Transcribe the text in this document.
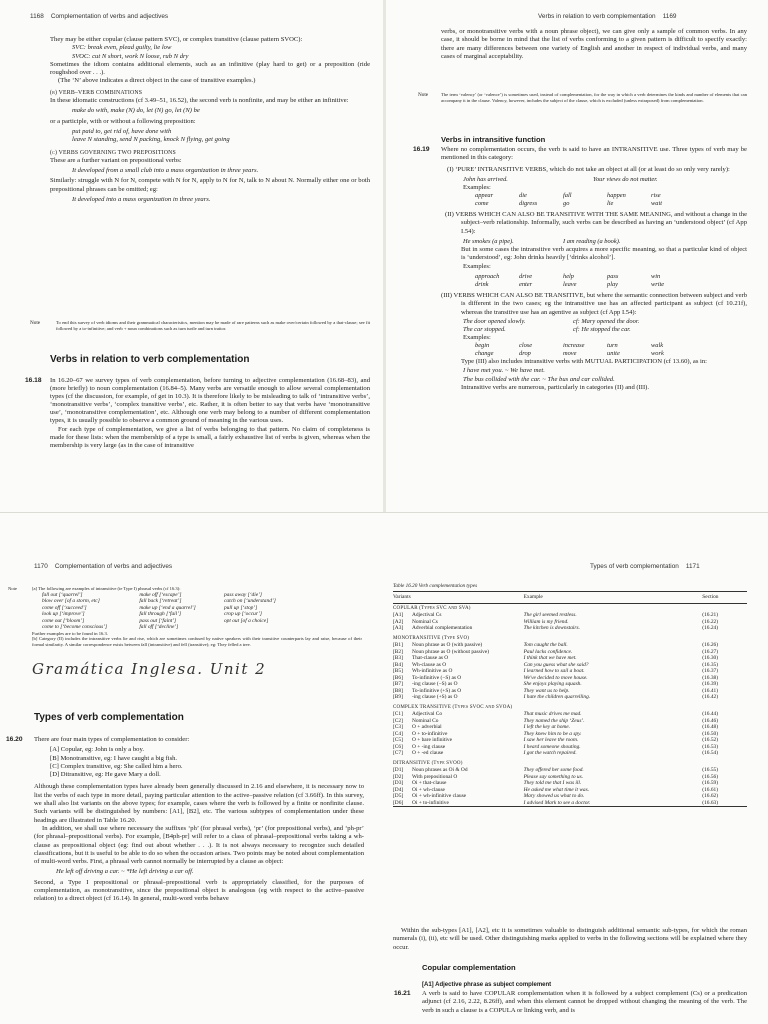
1168 Complementation of verbs and adjectives

They may be either copular (clause pattern SVC), or complex transitive (clause pattern SVOC):

SVC: break even, plead guilty, lie low

SVOC: cut N short, work N loose, rub N dry

Sometimes the idiom contains additional elements, such as an infinitive (play hard to get) or a preposition (ride roughshod over . . .).

(The ‘N’ above indicates a direct object in the case of transitive examples.)

(b) VERB–VERB COMBINATIONS

In these idiomatic constructions (cf 3.49–51, 16.52), the second verb is nonfinite, and may be either an infinitive:

make do with, make (N) do, let (N) go, let (N) be

or a participle, with or without a following preposition:

put paid to, get rid of, have done with

leave N standing, send N packing, knock N flying, get going

(c) VERBS GOVERNING TWO PREPOSITIONS

These are a further variant on prepositional verbs:

It developed from a small club into a mass organization in three years.

Similarly: struggle with N for N, compete with N for N, apply to N for N, talk to N about N. Normally either one or both prepositional phrases can be omitted; eg:

It developed into a mass organization in three years.

Note	To end this survey of verb idioms and their grammatical characteristics, mention may be made of rare patterns such as make over/certain followed by a that-clause; see fit followed by a to-infinitive; and verb + noun combinations such as turn turtle and turn traitor.
Verbs in relation to verb complementation
16.18 In 16.20–67 we survey types of verb complementation, before turning to adjective complementation (16.68–83), and (more briefly) to noun complementation (16.84–5). Many verbs are versatile enough to allow several complementation types (cf the discussion, for example, of get in 10.3). It is therefore likely to be misleading to talk of ‘intransitive verbs’, ‘monotransitive verbs’, ‘complex transitive verbs’, etc. Rather, it is often better to say that verbs have ‘monotransitive use’, ‘monotransitive complementation’, etc. Although one verb may belong to a number of different complementation types, it is usually possible to observe a common ground of meaning in the various uses.

For each type of complementation, we give a list of verbs belonging to that pattern. No claim of completeness is made for these lists: when the membership of a type is small, a fairly exhaustive list of verbs is given, whereas when the membership is very large (as in the case of intransitive

Verbs in relation to verb complementation 1169

verbs, or monotransitive verbs with a noun phrase object), we can give only a sample of common verbs. In any case, it should be borne in mind that the list of verbs conforming to a given pattern is difficult to specify exactly: there are many differences between one variety of English and another in respect of individual verbs, and many cases of marginal acceptability.

Note	The term ‘valency’ (or ‘valence’) is sometimes used, instead of complementation, for the way in which a verb determines the kinds and number of elements that can accompany it in the clause. Valency, however, includes the subject of the clause, which is excluded (unless extraposed) from complementation.
Verbs in intransitive function
16.19 Where no complementation occurs, the verb is said to have an INTRANSITIVE use. Three types of verb may be mentioned in this category:

(I) ‘PURE’ INTRANSITIVE VERBS, which do not take an object at all (or at least do so only very rarely):

John has arrived.	Your views do not matter.

Examples:

appear	die	fall	happen	rise
come	digress	go	lie	wait

(II) VERBS WHICH CAN ALSO BE TRANSITIVE WITH THE SAME MEANING, and without a change in the subject–verb relationship. Informally, such verbs can be described as having an ‘understood object’ (cf App I.54):

He smokes (a pipe).	I am reading (a book).

But in some cases the intransitive verb acquires a more specific meaning, so that a particular kind of object is ‘understood’, eg: John drinks heavily [‘drinks alcohol’].

Examples:

approach	drive	help	pass	win
drink	enter	leave	play	write

(III) VERBS WHICH CAN ALSO BE TRANSITIVE, but where the semantic connection between subject and verb is different in the two cases; eg the intransitive use has an affected participant as subject (cf 10.21f), whereas the transitive use has an agentive as subject (cf App I.54):

The door opened slowly.	cf: Mary opened the door.
The car stopped.	cf: He stopped the car.

Examples:

begin	close	increase	turn	walk
change	drop	move	unite	work

Type (III) also includes intransitive verbs with MUTUAL PARTICIPATION (cf 13.60), as in:

I have met you. ~ We have met.

The bus collided with the car. ~ The bus and car collided.

Intransitive verbs are numerous, particularly in categories (II) and (III).

1170 Complementation of verbs and adjectives
Note	[a] The following are examples of intransitive (ie Type I) phrasal verbs (cf 16.3):

fall out [‘quarrel’]	make off [‘escape’]	pass away [‘die’]
blow over [of a storm, etc]	fall back [‘retreat’]	catch on [‘understand’]
come off [‘succeed’]	make up [‘end a quarrel’]	pull up [‘stop’]
look up [‘improve’]	fall through [‘fail’]	crop up [‘occur’]
come out [‘bloom’]	pass out [‘faint’]	opt out [of a choice]
come to [‘become conscious’]	fall off [‘decline’]	

Further examples are to be found in 16.3.

[b] Category (II) includes the intransitive verbs lie and rise, which are sometimes confused by native speakers with their transitive counterparts lay and raise, because of their formal similarity. A similar correspondence exists between fall (intransitive) and fell (transitive); eg: They felled a tree.

Gramática Inglesa. Unit 2
Types of verb complementation
16.20 There are four main types of complementation to consider:

[A] Copular, eg: John is only a boy.

[B] Monotransitive, eg: I have caught a big fish.

[C] Complex transitive, eg: She called him a hero.

[D] Ditransitive, eg: He gave Mary a doll.

Although these complementation types have already been generally discussed in 2.16 and elsewhere, it is necessary now to list the verbs of each type in more detail, paying particular attention to the active–passive relation (cf 3.66ff). In this survey, we shall also list variants on the above types; for example, cases where the verb is followed by a finite or nonfinite clause. Such variants will be distinguished by numbers: [A1], [B2], etc. The various subtypes of complementation under these headings are illustrated in Table 16.20.

In addition, we shall use where necessary the suffixes ‘ph’ (for phrasal verbs), ‘pr’ (for prepositional verbs), and ‘ph-pr’ (for phrasal–prepositional verbs). For example, [B4ph-pr] will refer to a class of phrasal–prepositional verbs taking a wh-clause as prepositional object (eg: find out about whether . . .). It is not always necessary to recognize such detailed classifications, but it is useful to be able to do so when the occasion arises. Two points may be noted about complementation of multi-word verbs. First, a phrasal verb cannot normally be interrupted by a clause as object:

He left off driving a car. ~ *He left driving a car off.

Second, a Type I prepositional or phrasal–prepositional verb is appropriately classified, for the purposes of complementation, as monotransitive, since the prepositional object is analogous (eg with respect to the active–passive relation) to a direct object (cf 16.14). In general, multi-word verbs behave

Types of verb complementation 1171
Table 16.20 Verb complementation types
Variants	Example	Section
COPULAR (Types SVC and SVA)			
[A1]	Adjectival Cs	The girl seemed restless.	(16.21)
[A2]	Nominal Cs	William is my friend.	(16.22)
[A3]	Adverbial complementation	The kitchen is downstairs.	(16.24)
MONOTRANSITIVE (Type SVO)			
[B1]	Noun phrase as O (with passive)	Tom caught the ball.	(16.26)
[B2]	Noun phrase as O (without passive)	Paul lacks confidence.	(16.27)
[B3]	That-clause as O	I think that we have met.	(16.30)
[B4]	Wh-clause as O	Can you guess what she said?	(16.35)
[B5]	Wh-infinitive as O	I learned how to sail a boat.	(16.37)
[B6]	To-infinitive (−S) as O	We've decided to move house.	(16.38)
[B7]	-ing clause (−S) as O	She enjoys playing squash.	(16.39)
[B8]	To-infinitive (+S) as O	They want us to help.	(16.41)
[B9]	-ing clause (+S) as O	I hate the children quarrelling.	(16.42)
COMPLEX TRANSITIVE (Types SVOC and SVOA)			
[C1]	Adjectival Co	That music drives me mad.	(16.44)
[C2]	Nominal Co	They named the ship ‘Zeus’.	(16.46)
[C3]	O + adverbial	I left the key at home.	(16.48)
[C4]	O + to-infinitive	They knew him to be a spy.	(16.50)
[C5]	O + bare infinitive	I saw her leave the room.	(16.52)
[C6]	O + -ing clause	I heard someone shouting.	(16.53)
[C7]	O + -ed clause	I got the watch repaired.	(16.54)
DITRANSITIVE (Type SVOO)			
[D1]	Noun phrases as Oi & Od	They offered her some food.	(16.55)
[D2]	With prepositional O	Please say something to us.	(16.56)
[D3]	Oi + that-clause	They told me that I was ill.	(16.59)
[D4]	Oi + wh-clause	He asked me what time it was.	(16.61)
[D5]	Oi + wh-infinitive clause	Mary showed us what to do.	(16.62)
[D6]	Oi + to-infinitive	I advised Mark to see a doctor.	(16.63)

Within the sub-types [A1], [A2], etc it is sometimes valuable to distinguish additional semantic sub-types, for which the roman numerals (i), (ii), etc will be used. Other distinguishing marks applied to verbs in the following sections will be explained where they occur.

Copular complementation
[A1] Adjective phrase as subject complement
16.21 A verb is said to have COPULAR complementation when it is followed by a subject complement (Cs) or a predication adjunct (cf 2.16, 2.22, 8.26ff), and when this element cannot be dropped without changing the meaning of the verb. The verb in such a clause is a COPULA or linking verb, and is
